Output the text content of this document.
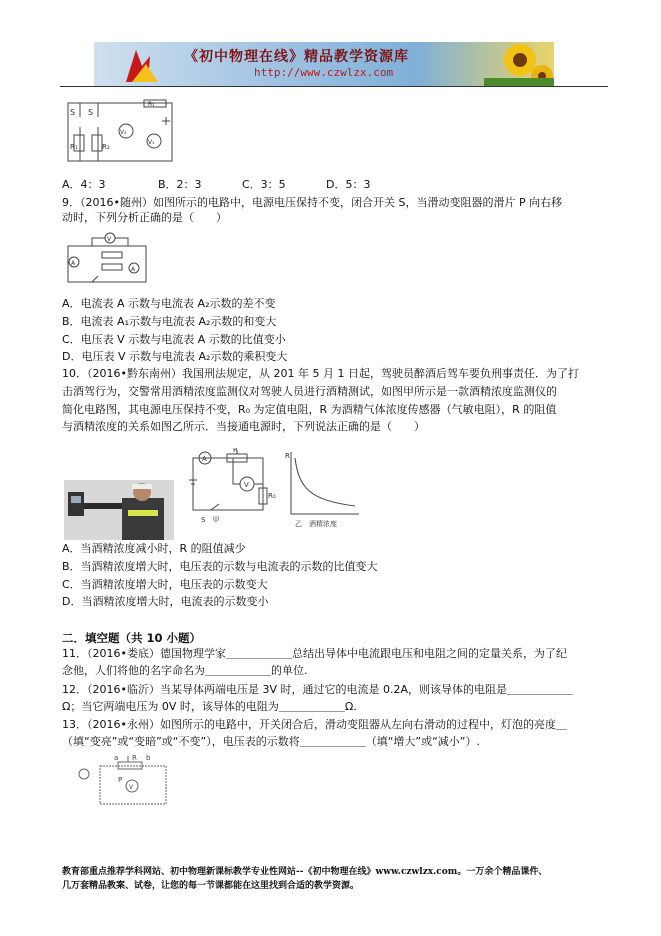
《初中物理在线》精品教学资源库
http://www.czwlzx.com
S S
R₁	R₂
V₁
V₂
R₁
A．4：3	B．2：3	C．3：5	D．5：3
9．（2016•随州）如图所示的电路中，电源电压保持不变，闭合开关 S，当滑动变阻器的滑片 P 向右移
动时，下列分析正确的是（　　）
V
A
A
A．电流表 A 示数与电流表 A₂示数的差不变
B．电流表 A₁示数与电流表 A₂示数的和变大
C．电压表 V 示数与电流表 A 示数的比值变小
D．电压表 V 示数与电流表 A₂示数的乘积变大
10．（2016•黔东南州）我国刑法规定，从 201 年 5 月 1 日起，驾驶员醉酒后驾车要负刑事责任．为了打
击酒驾行为，交警常用酒精浓度监测仪对驾驶人员进行酒精测试，如图甲所示是一款酒精浓度监测仪的
简化电路图，其电源电压保持不变，R₀ 为定值电阻，R 为酒精气体浓度传感器（气敏电阻），R 的阻值
与酒精浓度的关系如图乙所示．当接通电源时，下列说法正确的是（　　）
A
R
V
R₀
S　甲
R
乙　酒精浓度
A．当酒精浓度减小时，R 的阻值减少
B．当酒精浓度增大时，电压表的示数与电流表的示数的比值变大
C．当酒精浓度增大时，电压表的示数变大
D．当酒精浓度增大时，电流表的示数变小
二．填空题（共 10 小题）
11．（2016•娄底）德国物理学家＿＿＿＿＿＿总结出导体中电流跟电压和电阻之间的定量关系，为了纪
念他，人们将他的名字命名为＿＿＿＿＿＿的单位.
12．（2016•临沂）当某导体两端电压是 3V 时，通过它的电流是 0.2A，则该导体的电阻是＿＿＿＿＿＿
Ω；当它两端电压为 0V 时，该导体的电阻为＿＿＿＿＿＿Ω.
13．（2016•永州）如图所示的电路中，开关闭合后，滑动变阻器从左向右滑动的过程中，灯泡的亮度＿
（填“变亮”或“变暗”或“不变”），电压表的示数将＿＿＿＿＿＿（填“增大”或“减小”）.
R
a	b
P
V
教育部重点推荐学科网站、初中物理新课标教学专业性网站--《初中物理在线》www.czwlzx.com。一万余个精品课件、
几万套精品教案、试卷，让您的每一节课都能在这里找到合适的教学资源。
